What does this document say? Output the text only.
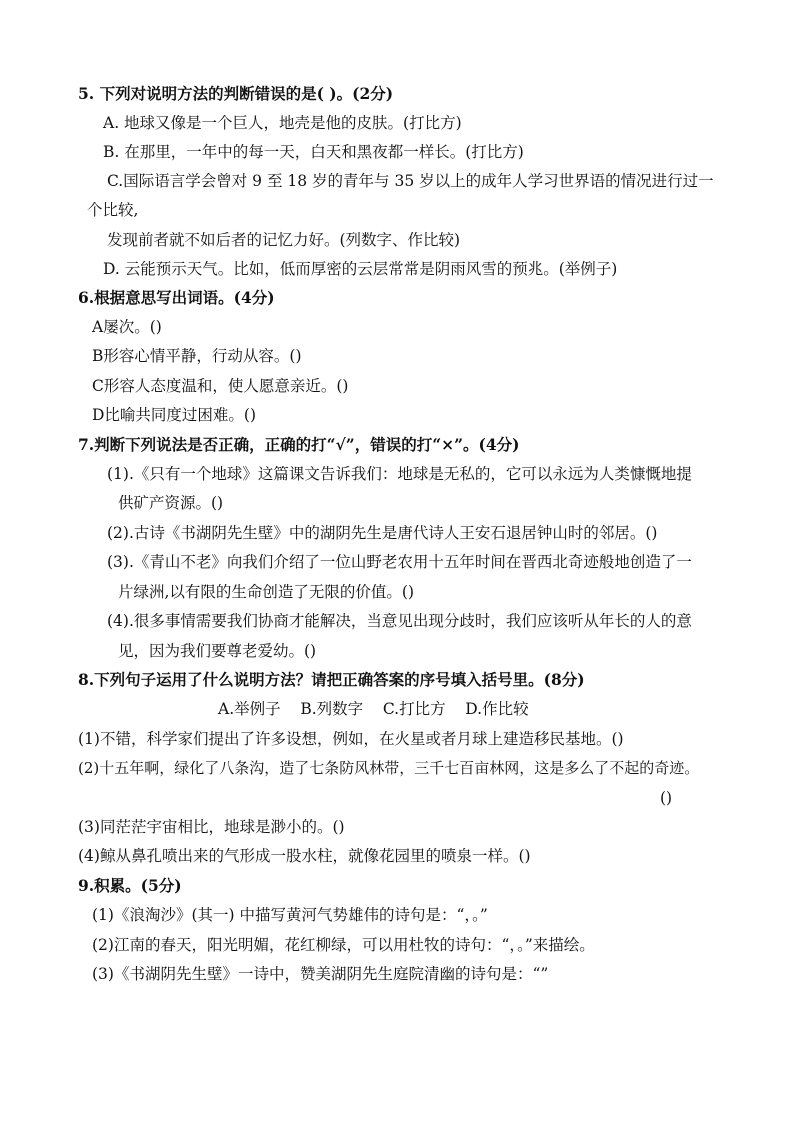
5. 下列对说明方法的判断错误的是( )。(2分)
A. 地球又像是一个巨人，地壳是他的皮肤。(打比方)
B. 在那里，一年中的每一天，白天和黑夜都一样长。(打比方)
C.国际语言学会曾对 9 至 18 岁的青年与 35 岁以上的成年人学习世界语的情况进行过一
个比较,
发现前者就不如后者的记忆力好。(列数字、作比较)
D. 云能预示天气。比如，低而厚密的云层常常是阴雨风雪的预兆。(举例子)
6.根据意思写出词语。(4分)
A屡次。()
B形容心情平静，行动从容。()
C形容人态度温和，使人愿意亲近。()
D比喻共同度过困难。()
7.判断下列说法是否正确，正确的打“√”，错误的打“×”。(4分)
(1).《只有一个地球》这篇课文告诉我们：地球是无私的，它可以永远为人类慷慨地提
供矿产资源。()
(2).古诗《书湖阴先生壁》中的湖阴先生是唐代诗人王安石退居钟山时的邻居。()
(3).《青山不老》向我们介绍了一位山野老农用十五年时间在晋西北奇迹般地创造了一
片绿洲,以有限的生命创造了无限的价值。()
(4).很多事情需要我们协商才能解决，当意见出现分歧时，我们应该听从年长的人的意
见，因为我们要尊老爱幼。()
8.下列句子运用了什么说明方法？请把正确答案的序号填入括号里。(8分)
A.举例子    B.列数字    C.打比方    D.作比较
(1)不错，科学家们提出了许多设想，例如，在火星或者月球上建造移民基地。()
(2)十五年啊，绿化了八条沟，造了七条防风林带，三千七百亩林网，这是多么了不起的奇迹。
()
(3)同茫茫宇宙相比，地球是渺小的。()
(4)鲸从鼻孔喷出来的气形成一股水柱，就像花园里的喷泉一样。()
9.积累。(5分)
(1)《浪淘沙》(其一) 中描写黄河气势雄伟的诗句是：“，。”
(2)江南的春天，阳光明媚，花红柳绿，可以用杜牧的诗句：“，。”来描绘。
(3)《书湖阴先生壁》一诗中，赞美湖阴先生庭院清幽的诗句是：“”
